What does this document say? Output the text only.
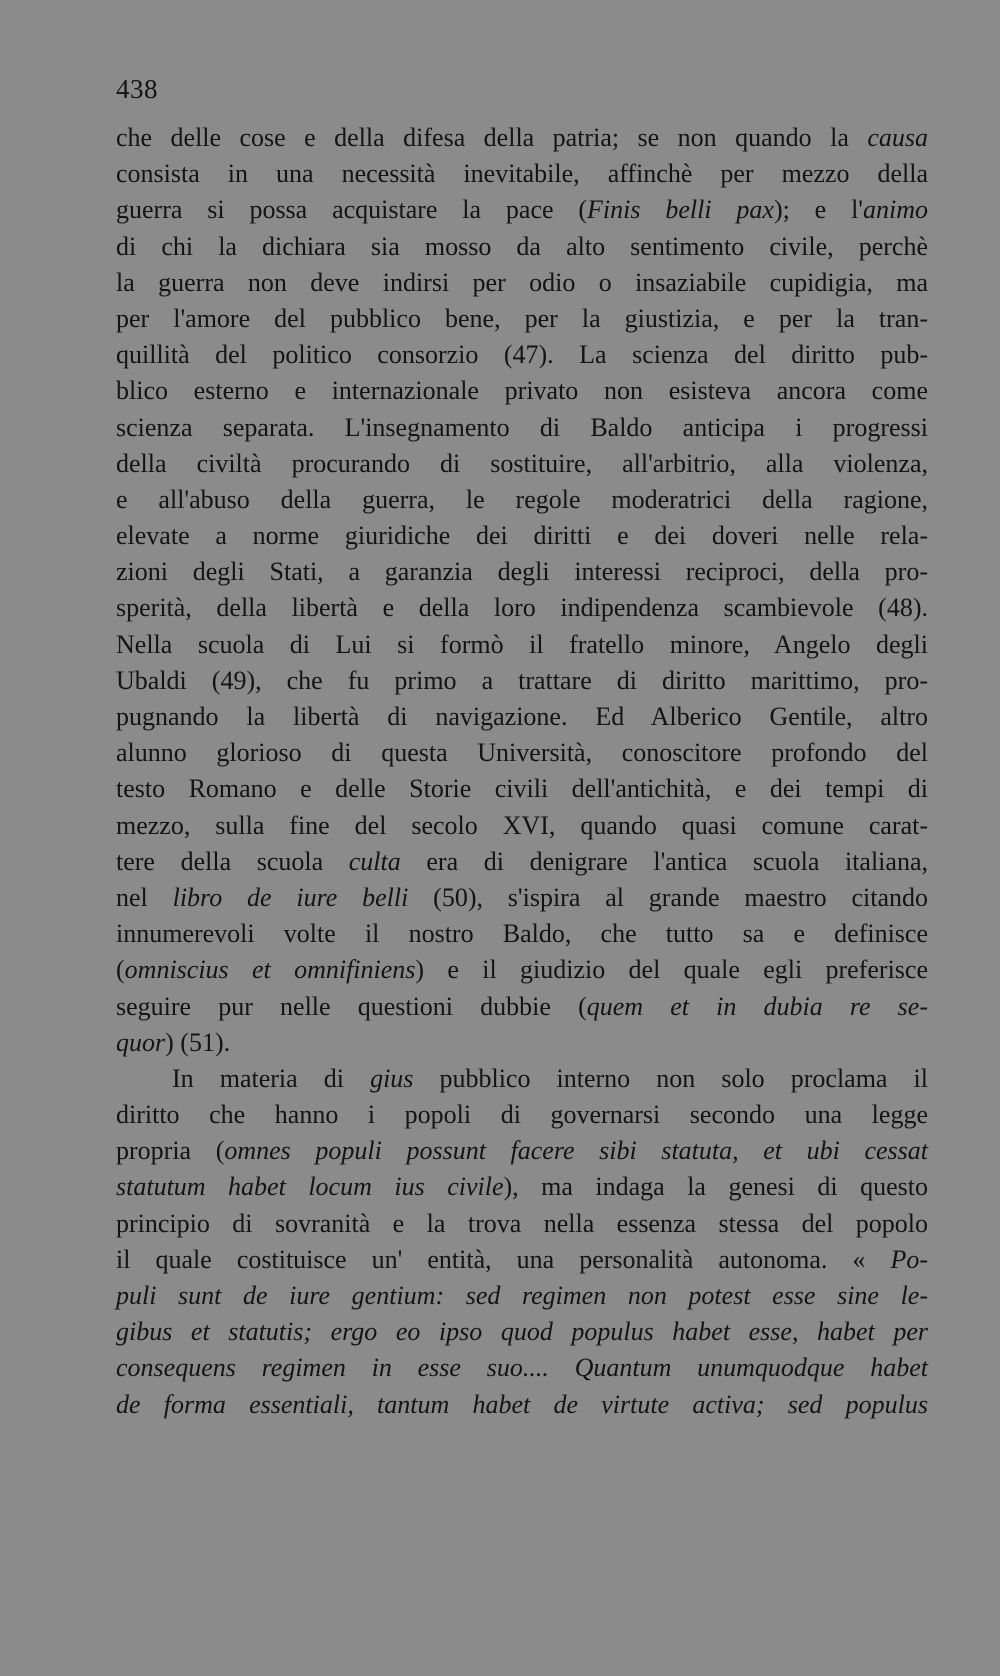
438
che delle cose e della difesa della patria; se non quando la causa
consista in una necessità inevitabile, affinchè per mezzo della
guerra si possa acquistare la pace (Finis belli pax); e l'animo
di chi la dichiara sia mosso da alto sentimento civile, perchè
la guerra non deve indirsi per odio o insaziabile cupidigia, ma
per l'amore del pubblico bene, per la giustizia, e per la tran-
quillità del politico consorzio (47). La scienza del diritto pub-
blico esterno e internazionale privato non esisteva ancora come
scienza separata. L'insegnamento di Baldo anticipa i progressi
della civiltà procurando di sostituire, all'arbitrio, alla violenza,
e all'abuso della guerra, le regole moderatrici della ragione,
elevate a norme giuridiche dei diritti e dei doveri nelle rela-
zioni degli Stati, a garanzia degli interessi reciproci, della pro-
sperità, della libertà e della loro indipendenza scambievole (48).
Nella scuola di Lui si formò il fratello minore, Angelo degli
Ubaldi (49), che fu primo a trattare di diritto marittimo, pro-
pugnando la libertà di navigazione. Ed Alberico Gentile, altro
alunno glorioso di questa Università, conoscitore profondo del
testo Romano e delle Storie civili dell'antichità, e dei tempi di
mezzo, sulla fine del secolo XVI, quando quasi comune carat-
tere della scuola culta era di denigrare l'antica scuola italiana,
nel libro de iure belli (50), s'ispira al grande maestro citando
innumerevoli volte il nostro Baldo, che tutto sa e definisce
(omniscius et omnifiniens) e il giudizio del quale egli preferisce
seguire pur nelle questioni dubbie (quem et in dubia re se-
quor) (51).
In materia di gius pubblico interno non solo proclama il
diritto che hanno i popoli di governarsi secondo una legge
propria (omnes populi possunt facere sibi statuta, et ubi cessat
statutum habet locum ius civile), ma indaga la genesi di questo
principio di sovranità e la trova nella essenza stessa del popolo
il quale costituisce un' entità, una personalità autonoma. « Po-
puli sunt de iure gentium: sed regimen non potest esse sine le-
gibus et statutis; ergo eo ipso quod populus habet esse, habet per
consequens regimen in esse suo.... Quantum unumquodque habet
de forma essentiali, tantum habet de virtute activa; sed populus
